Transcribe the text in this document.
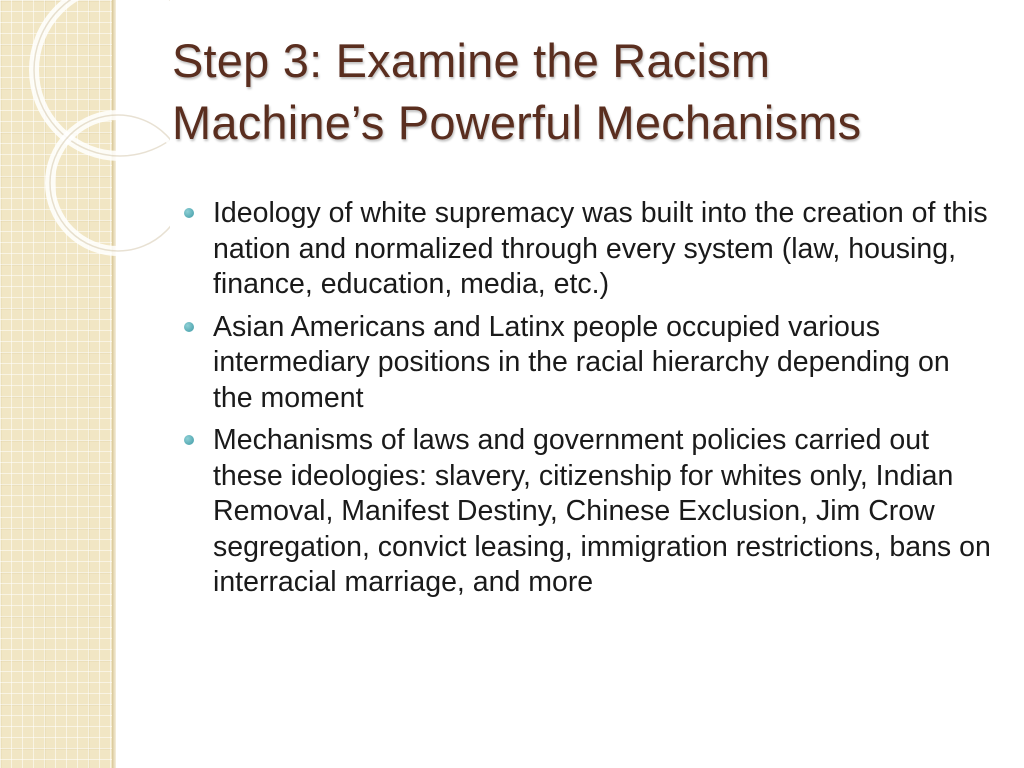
Step 3: Examine the Racism
Machine’s Powerful Mechanisms
Ideology of white supremacy was built into the creation of this nation and normalized through every system (law, housing, finance, education, media, etc.)
Asian Americans and Latinx people occupied various intermediary positions in the racial hierarchy depending on the moment
Mechanisms of laws and government policies carried out these ideologies: slavery, citizenship for whites only, Indian Removal, Manifest Destiny, Chinese Exclusion, Jim Crow segregation, convict leasing, immigration restrictions, bans on interracial marriage, and more
